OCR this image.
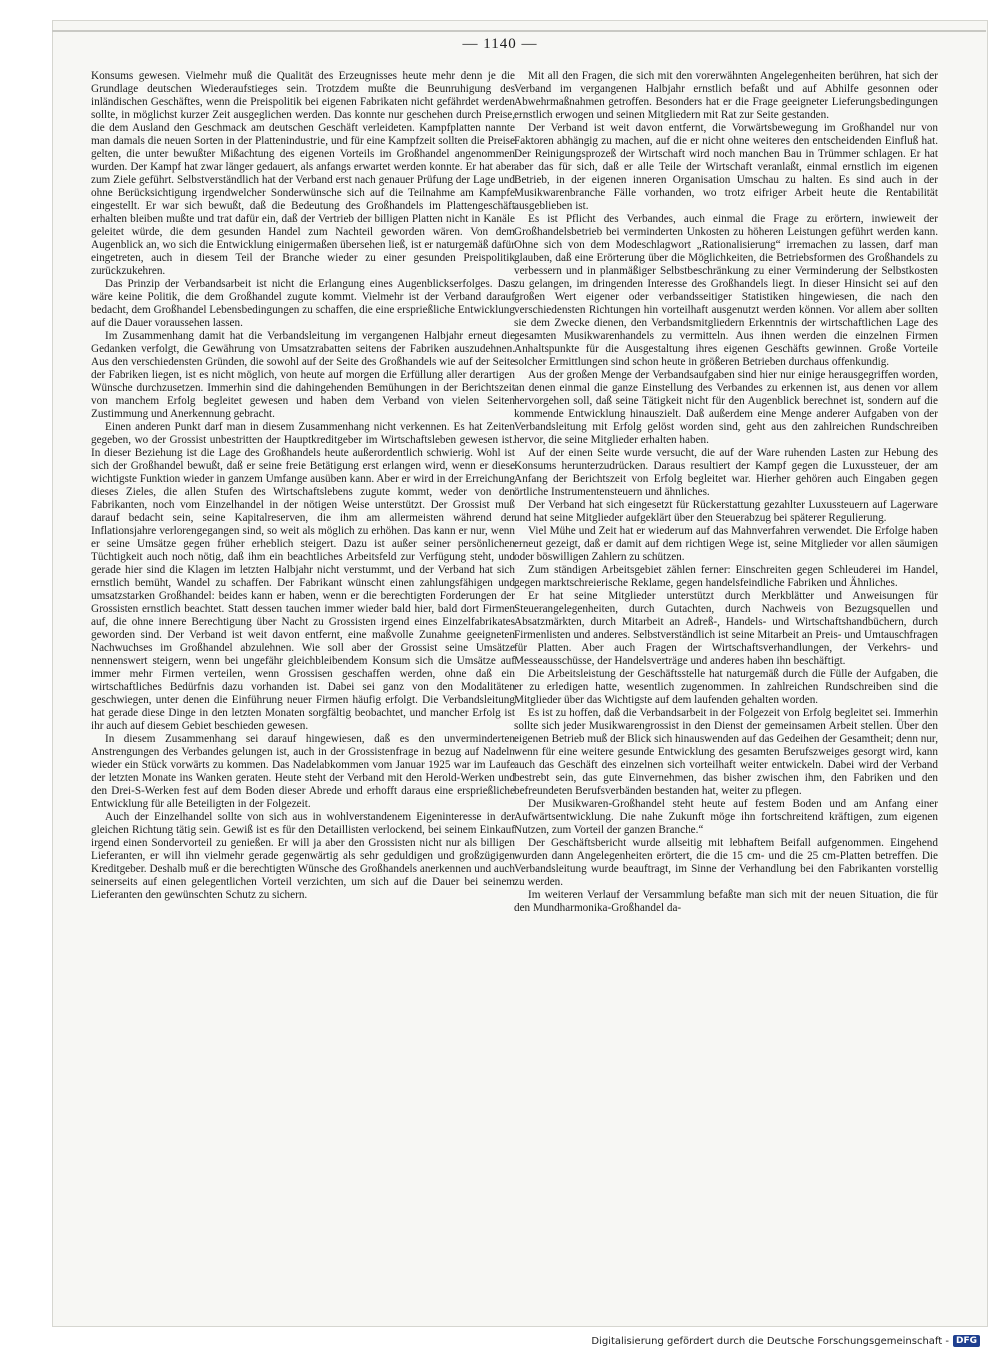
— 1140 —

Konsums gewesen. Vielmehr muß die Qualität des Erzeugnisses heute mehr denn je die Grundlage deutschen Wiederaufstieges sein. Trotzdem mußte die Beunruhigung des inländischen Geschäftes, wenn die Preispolitik bei eigenen Fabrikaten nicht gefährdet werden sollte, in möglichst kurzer Zeit ausgeglichen werden. Das konnte nur geschehen durch Preise, die dem Ausland den Geschmack am deutschen Geschäft verleideten. Kampfplatten nannte man damals die neuen Sorten in der Plattenindustrie, und für eine Kampfzeit sollten die Preise gelten, die unter bewußter Mißachtung des eigenen Vorteils im Großhandel angenommen wurden. Der Kampf hat zwar länger gedauert, als anfangs erwartet werden konnte. Er hat aber zum Ziele geführt. Selbstverständlich hat der Verband erst nach genauer Prüfung der Lage und ohne Berücksichtigung irgendwelcher Sonderwünsche sich auf die Teilnahme am Kampfe eingestellt. Er war sich bewußt, daß die Bedeutung des Großhandels im Plattengeschäft erhalten bleiben mußte und trat dafür ein, daß der Vertrieb der billigen Platten nicht in Kanäle geleitet würde, die dem gesunden Handel zum Nachteil geworden wären. Von dem Augenblick an, wo sich die Entwicklung einigermaßen übersehen ließ, ist er naturgemäß dafür eingetreten, auch in diesem Teil der Branche wieder zu einer gesunden Preispolitik zurückzukehren.

Das Prinzip der Verbandsarbeit ist nicht die Erlangung eines Augenblickserfolges. Das wäre keine Politik, die dem Großhandel zugute kommt. Vielmehr ist der Verband darauf bedacht, dem Großhandel Lebensbedingungen zu schaffen, die eine ersprießliche Entwicklung auf die Dauer voraussehen lassen.

Im Zusammenhang damit hat die Verbandsleitung im vergangenen Halbjahr erneut die Gedanken verfolgt, die Gewährung von Umsatzrabatten seitens der Fabriken auszudehnen. Aus den verschiedensten Gründen, die sowohl auf der Seite des Großhandels wie auf der Seite der Fabriken liegen, ist es nicht möglich, von heute auf morgen die Erfüllung aller derartigen Wünsche durchzusetzen. Immerhin sind die dahingehenden Bemühungen in der Berichtszeit von manchem Erfolg begleitet gewesen und haben dem Verband von vielen Seiten Zustimmung und Anerkennung gebracht.

Einen anderen Punkt darf man in diesem Zusammenhang nicht verkennen. Es hat Zeiten gegeben, wo der Grossist unbestritten der Hauptkreditgeber im Wirtschaftsleben gewesen ist. In dieser Beziehung ist die Lage des Großhandels heute außerordentlich schwierig. Wohl ist sich der Großhandel bewußt, daß er seine freie Betätigung erst erlangen wird, wenn er diese wichtigste Funktion wieder in ganzem Umfange ausüben kann. Aber er wird in der Erreichung dieses Zieles, die allen Stufen des Wirtschaftslebens zugute kommt, weder von den Fabrikanten, noch vom Einzelhandel in der nötigen Weise unterstützt. Der Grossist muß darauf bedacht sein, seine Kapitalreserven, die ihm am allermeisten während der Inflationsjahre verlorengegangen sind, so weit als möglich zu erhöhen. Das kann er nur, wenn er seine Umsätze gegen früher erheblich steigert. Dazu ist außer seiner persönlichen Tüchtigkeit auch noch nötig, daß ihm ein beachtliches Arbeitsfeld zur Verfügung steht, und gerade hier sind die Klagen im letzten Halbjahr nicht verstummt, und der Verband hat sich ernstlich bemüht, Wandel zu schaffen. Der Fabrikant wünscht einen zahlungsfähigen und umsatzstarken Großhandel: beides kann er haben, wenn er die berechtigten Forderungen der Grossisten ernstlich beachtet. Statt dessen tauchen immer wieder bald hier, bald dort Firmen auf, die ohne innere Berechtigung über Nacht zu Grossisten irgend eines Einzelfabrikates geworden sind. Der Verband ist weit davon entfernt, eine maßvolle Zunahme geeigneten Nachwuchses im Großhandel abzulehnen. Wie soll aber der Grossist seine Umsätze nennenswert steigern, wenn bei ungefähr gleichbleibendem Konsum sich die Umsätze auf immer mehr Firmen verteilen, wenn Grossisen geschaffen werden, ohne daß ein wirtschaftliches Bedürfnis dazu vorhanden ist. Dabei sei ganz von den Modalitäten geschwiegen, unter denen die Einführung neuer Firmen häufig erfolgt. Die Verbandsleitung hat gerade diese Dinge in den letzten Monaten sorgfältig beobachtet, und mancher Erfolg ist ihr auch auf diesem Gebiet beschieden gewesen.

In diesem Zusammenhang sei darauf hingewiesen, daß es den unverminderten Anstrengungen des Verbandes gelungen ist, auch in der Grossistenfrage in bezug auf Nadeln wieder ein Stück vorwärts zu kommen. Das Nadelabkommen vom Januar 1925 war im Laufe der letzten Monate ins Wanken geraten. Heute steht der Verband mit den Herold-Werken und den Drei-S-Werken fest auf dem Boden dieser Abrede und erhofft daraus eine ersprießliche Entwicklung für alle Beteiligten in der Folgezeit.

Auch der Einzelhandel sollte von sich aus in wohlverstandenem Eigeninteresse in der gleichen Richtung tätig sein. Gewiß ist es für den Detaillisten verlockend, bei seinem Einkauf irgend einen Sondervorteil zu genießen. Er will ja aber den Grossisten nicht nur als billigen Lieferanten, er will ihn vielmehr gerade gegenwärtig als sehr geduldigen und großzügigen Kreditgeber. Deshalb muß er die berechtigten Wünsche des Großhandels anerkennen und auch seinerseits auf einen gelegentlichen Vorteil verzichten, um sich auf die Dauer bei seinem Lieferanten den gewünschten Schutz zu sichern.

Mit all den Fragen, die sich mit den vorerwähnten Angelegenheiten berühren, hat sich der Verband im vergangenen Halbjahr ernstlich befaßt und auf Abhilfe gesonnen oder Abwehrmaßnahmen getroffen. Besonders hat er die Frage geeigneter Lieferungsbedingungen ernstlich erwogen und seinen Mitgliedern mit Rat zur Seite gestanden.

Der Verband ist weit davon entfernt, die Vorwärtsbewegung im Großhandel nur von Faktoren abhängig zu machen, auf die er nicht ohne weiteres den entscheidenden Einfluß hat. Der Reinigungsprozeß der Wirtschaft wird noch manchen Bau in Trümmer schlagen. Er hat aber das für sich, daß er alle Teile der Wirtschaft veranlaßt, einmal ernstlich im eigenen Betrieb, in der eigenen inneren Organisation Umschau zu halten. Es sind auch in der Musikwarenbranche Fälle vorhanden, wo trotz eifriger Arbeit heute die Rentabilität ausgeblieben ist.

Es ist Pflicht des Verbandes, auch einmal die Frage zu erörtern, inwieweit der Großhandelsbetrieb bei verminderten Unkosten zu höheren Leistungen geführt werden kann. Ohne sich von dem Modeschlagwort „Rationalisierung“ irremachen zu lassen, darf man glauben, daß eine Erörterung über die Möglichkeiten, die Betriebsformen des Großhandels zu verbessern und in planmäßiger Selbstbeschränkung zu einer Verminderung der Selbstkosten zu gelangen, im dringenden Interesse des Großhandels liegt. In dieser Hinsicht sei auf den großen Wert eigener oder verbandsseitiger Statistiken hingewiesen, die nach den verschiedensten Richtungen hin vorteilhaft ausgenutzt werden können. Vor allem aber sollten sie dem Zwecke dienen, den Verbandsmitgliedern Erkenntnis der wirtschaftlichen Lage des gesamten Musikwarenhandels zu vermitteln. Aus ihnen werden die einzelnen Firmen Anhaltspunkte für die Ausgestaltung ihres eigenen Geschäfts gewinnen. Große Vorteile solcher Ermittlungen sind schon heute in größeren Betrieben durchaus offenkundig.

Aus der großen Menge der Verbandsaufgaben sind hier nur einige herausgegriffen worden, an denen einmal die ganze Einstellung des Verbandes zu erkennen ist, aus denen vor allem hervorgehen soll, daß seine Tätigkeit nicht für den Augenblick berechnet ist, sondern auf die kommende Entwicklung hinauszielt. Daß außerdem eine Menge anderer Aufgaben von der Verbandsleitung mit Erfolg gelöst worden sind, geht aus den zahlreichen Rundschreiben hervor, die seine Mitglieder erhalten haben.

Auf der einen Seite wurde versucht, die auf der Ware ruhenden Lasten zur Hebung des Konsums herunterzudrücken. Daraus resultiert der Kampf gegen die Luxussteuer, der am Anfang der Berichtszeit von Erfolg begleitet war. Hierher gehören auch Eingaben gegen örtliche Instrumentensteuern und ähnliches.

Der Verband hat sich eingesetzt für Rückerstattung gezahlter Luxussteuern auf Lagerware und hat seine Mitglieder aufgeklärt über den Steuerabzug bei späterer Regulierung.

Viel Mühe und Zeit hat er wiederum auf das Mahnverfahren verwendet. Die Erfolge haben erneut gezeigt, daß er damit auf dem richtigen Wege ist, seine Mitglieder vor allen säumigen oder böswilligen Zahlern zu schützen.

Zum ständigen Arbeitsgebiet zählen ferner: Einschreiten gegen Schleuderei im Handel, gegen marktschreierische Reklame, gegen handelsfeindliche Fabriken und Ähnliches.

Er hat seine Mitglieder unterstützt durch Merkblätter und Anweisungen für Steuerangelegenheiten, durch Gutachten, durch Nachweis von Bezugsquellen und Absatzmärkten, durch Mitarbeit an Adreß-, Handels- und Wirtschaftshandbüchern, durch Firmenlisten und anderes. Selbstverständlich ist seine Mitarbeit an Preis- und Umtauschfragen für Platten. Aber auch Fragen der Wirtschaftsverhandlungen, der Verkehrs- und Messeausschüsse, der Handelsverträge und anderes haben ihn beschäftigt.

Die Arbeitsleistung der Geschäftsstelle hat naturgemäß durch die Fülle der Aufgaben, die er zu erledigen hatte, wesentlich zugenommen. In zahlreichen Rundschreiben sind die Mitglieder über das Wichtigste auf dem laufenden gehalten worden.

Es ist zu hoffen, daß die Verbandsarbeit in der Folgezeit von Erfolg begleitet sei. Immerhin sollte sich jeder Musikwarengrossist in den Dienst der gemeinsamen Arbeit stellen. Über den eigenen Betrieb muß der Blick sich hinauswenden auf das Gedeihen der Gesamtheit; denn nur, wenn für eine weitere gesunde Entwicklung des gesamten Berufszweiges gesorgt wird, kann auch das Geschäft des einzelnen sich vorteilhaft weiter entwickeln. Dabei wird der Verband bestrebt sein, das gute Einvernehmen, das bisher zwischen ihm, den Fabriken und den befreundeten Berufsverbänden bestanden hat, weiter zu pflegen.

Der Musikwaren-Großhandel steht heute auf festem Boden und am Anfang einer Aufwärtsentwicklung. Die nahe Zukunft möge ihn fortschreitend kräftigen, zum eigenen Nutzen, zum Vorteil der ganzen Branche.“

Der Geschäftsbericht wurde allseitig mit lebhaftem Beifall aufgenommen. Eingehend wurden dann Angelegenheiten erörtert, die die 15 cm- und die 25 cm-Platten betreffen. Die Verbandsleitung wurde beauftragt, im Sinne der Verhandlung bei den Fabrikanten vorstellig zu werden.

Im weiteren Verlauf der Versammlung befaßte man sich mit der neuen Situation, die für den Mundharmonika-Großhandel da-

Digitalisierung gefördert durch die Deutsche Forschungsgemeinschaft - DFG
